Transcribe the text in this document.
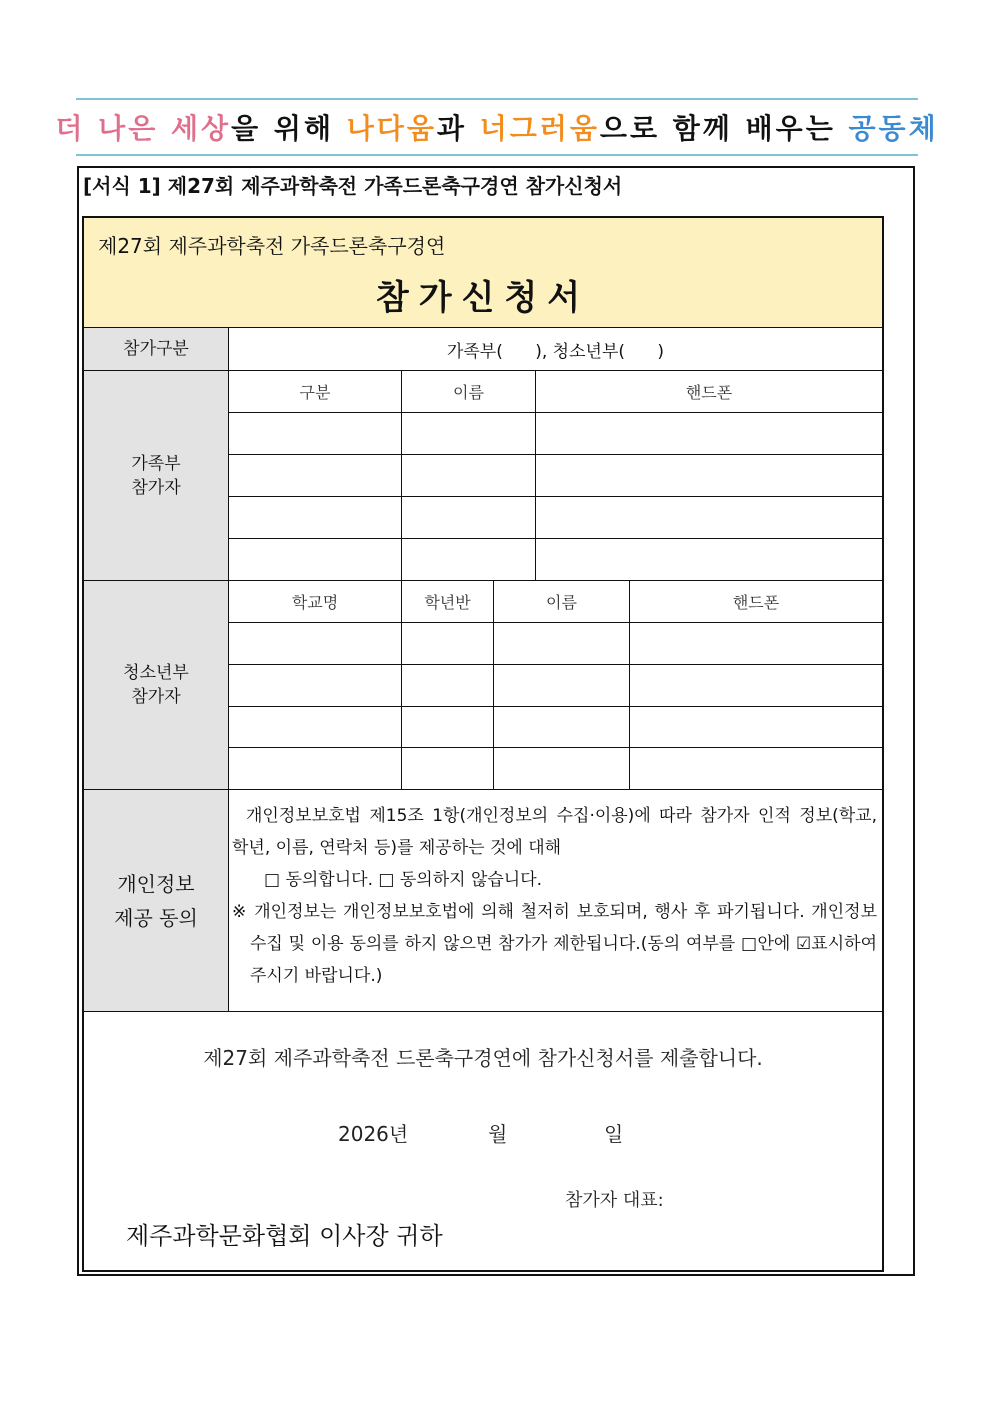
더 나은 세상을 위해 나다움과 너그러움으로 함께 배우는 공동체
[서식 1] 제27회 제주과학축전 가족드론축구경연 참가신청서
제27회 제주과학축전 가족드론축구경연
참가신청서
참가구분	가족부(      ), 청소년부(      )
가족부
참가자
구분	이름	핸드폰
청소년부
참가자
학교명	학년반	이름	핸드폰
개인정보
제공 동의

개인정보보호법 제15조 1항(개인정보의 수집·이용)에 따라 참가자 인적 정보(학교, 학년, 이름, 연락처 등)를 제공하는 것에 대해

□ 동의합니다. □ 동의하지 않습니다.

※ 개인정보는 개인정보보호법에 의해 철저히 보호되며, 행사 후 파기됩니다. 개인정보 수집 및 이용 동의를 하지 않으면 참가가 제한됩니다.(동의 여부를 □안에 ☑표시하여 주시기 바랍니다.)

제27회 제주과학축전 드론축구경연에 참가신청서를 제출합니다.
2026년	월	일
참가자 대표:
제주과학문화협회 이사장 귀하
